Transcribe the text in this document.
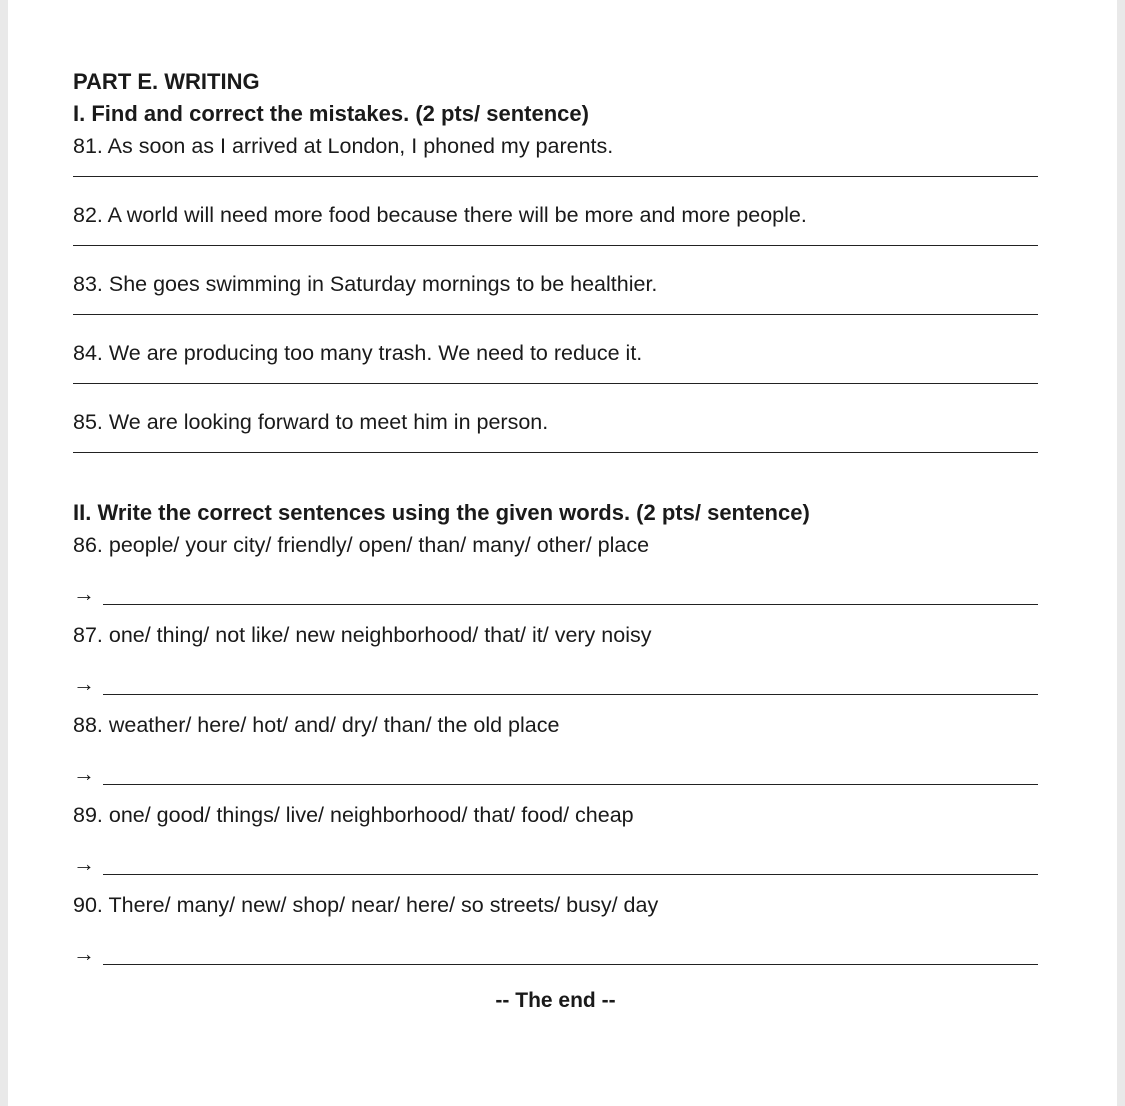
PART E. WRITING
I. Find and correct the mistakes. (2 pts/ sentence)
81. As soon as I arrived at London, I phoned my parents.
82. A world will need more food because there will be more and more people.
83. She goes swimming in Saturday mornings to be healthier.
84. We are producing too many trash. We need to reduce it.
85. We are looking forward to meet him in person.
II. Write the correct sentences using the given words. (2 pts/ sentence)
86. people/ your city/ friendly/ open/ than/ many/ other/ place
→
87. one/ thing/ not like/ new neighborhood/ that/ it/ very noisy
→
88. weather/ here/ hot/ and/ dry/ than/ the old place
→
89. one/ good/ things/ live/ neighborhood/ that/ food/ cheap
→
90. There/ many/ new/ shop/ near/ here/ so streets/ busy/ day
→
-- The end --
